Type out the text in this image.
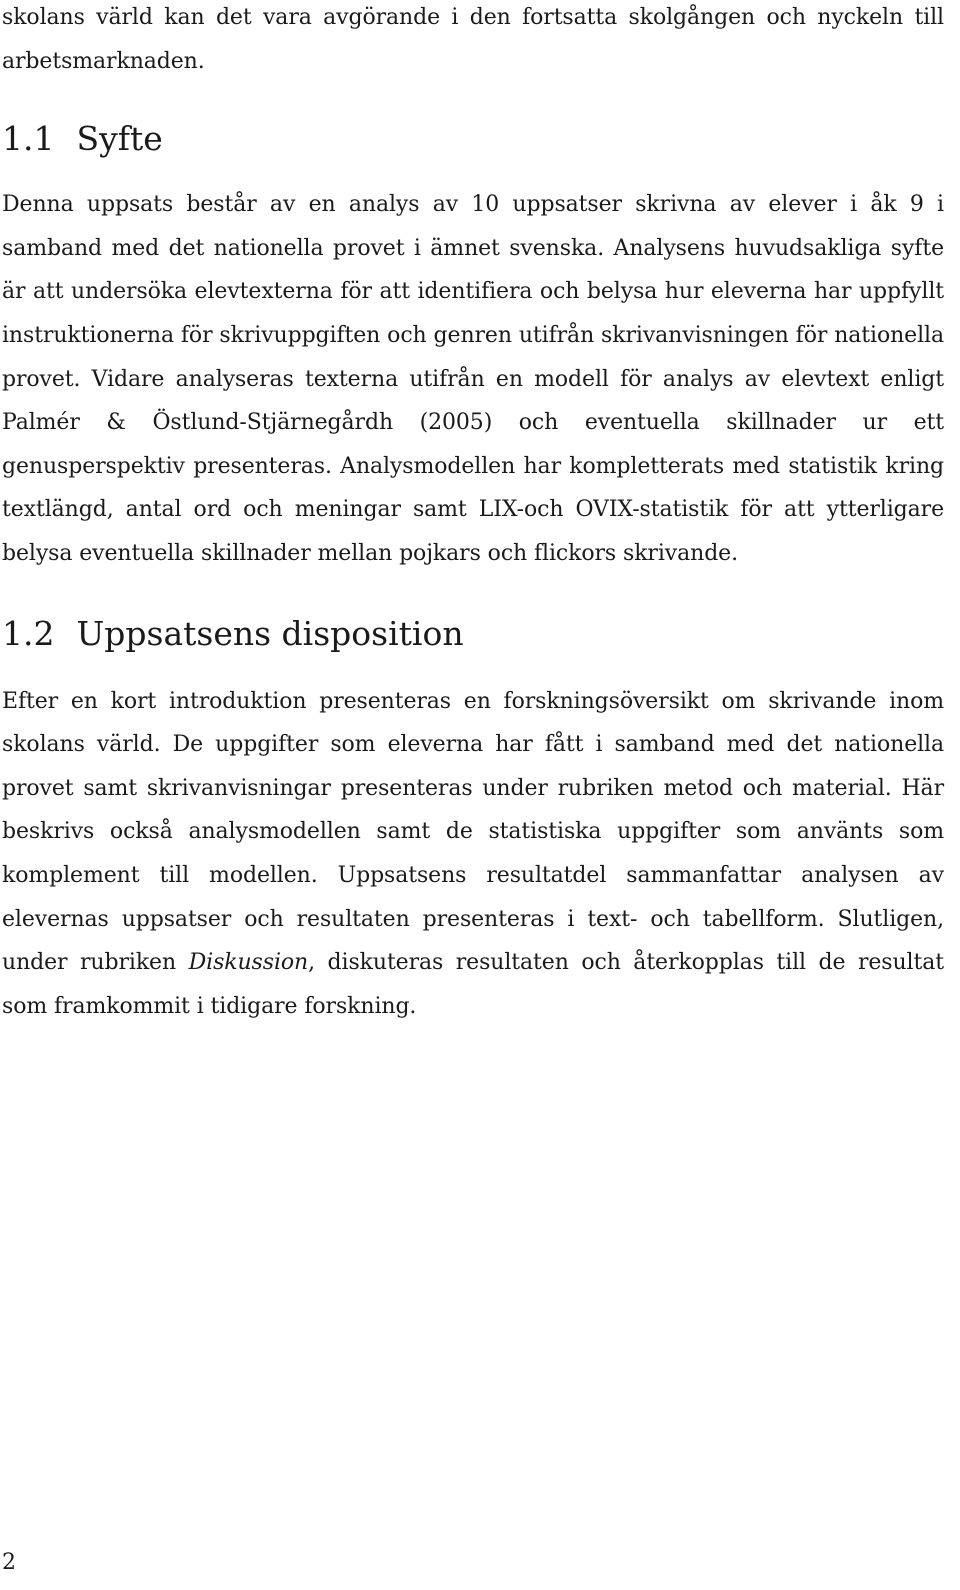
skolans värld kan det vara avgörande i den fortsatta skolgången och nyckeln till arbetsmarknaden.

1.1 Syfte

Denna uppsats består av en analys av 10 uppsatser skrivna av elever i åk 9 i samband med det nationella provet i ämnet svenska. Analysens huvudsakliga syfte är att undersöka elevtexterna för att identifiera och belysa hur eleverna har uppfyllt instruktionerna för skrivuppgiften och genren utifrån skrivanvisningen för nationella provet. Vidare analyseras texterna utifrån en modell för analys av elevtext enligt Palmér & Östlund-Stjärnegårdh (2005) och eventuella skillnader ur ett genusperspektiv presenteras. Analysmodellen har kompletterats med statistik kring textlängd, antal ord och meningar samt LIX-och OVIX-statistik för att ytterligare belysa eventuella skillnader mellan pojkars och flickors skrivande.

1.2 Uppsatsens disposition

Efter en kort introduktion presenteras en forskningsöversikt om skrivande inom skolans värld. De uppgifter som eleverna har fått i samband med det nationella provet samt skrivanvisningar presenteras under rubriken metod och material. Här beskrivs också analysmodellen samt de statistiska uppgifter som använts som komplement till modellen. Uppsatsens resultatdel sammanfattar analysen av elevernas uppsatser och resultaten presenteras i text- och tabellform. Slutligen, under rubriken Diskussion, diskuteras resultaten och återkopplas till de resultat som framkommit i tidigare forskning.

2
